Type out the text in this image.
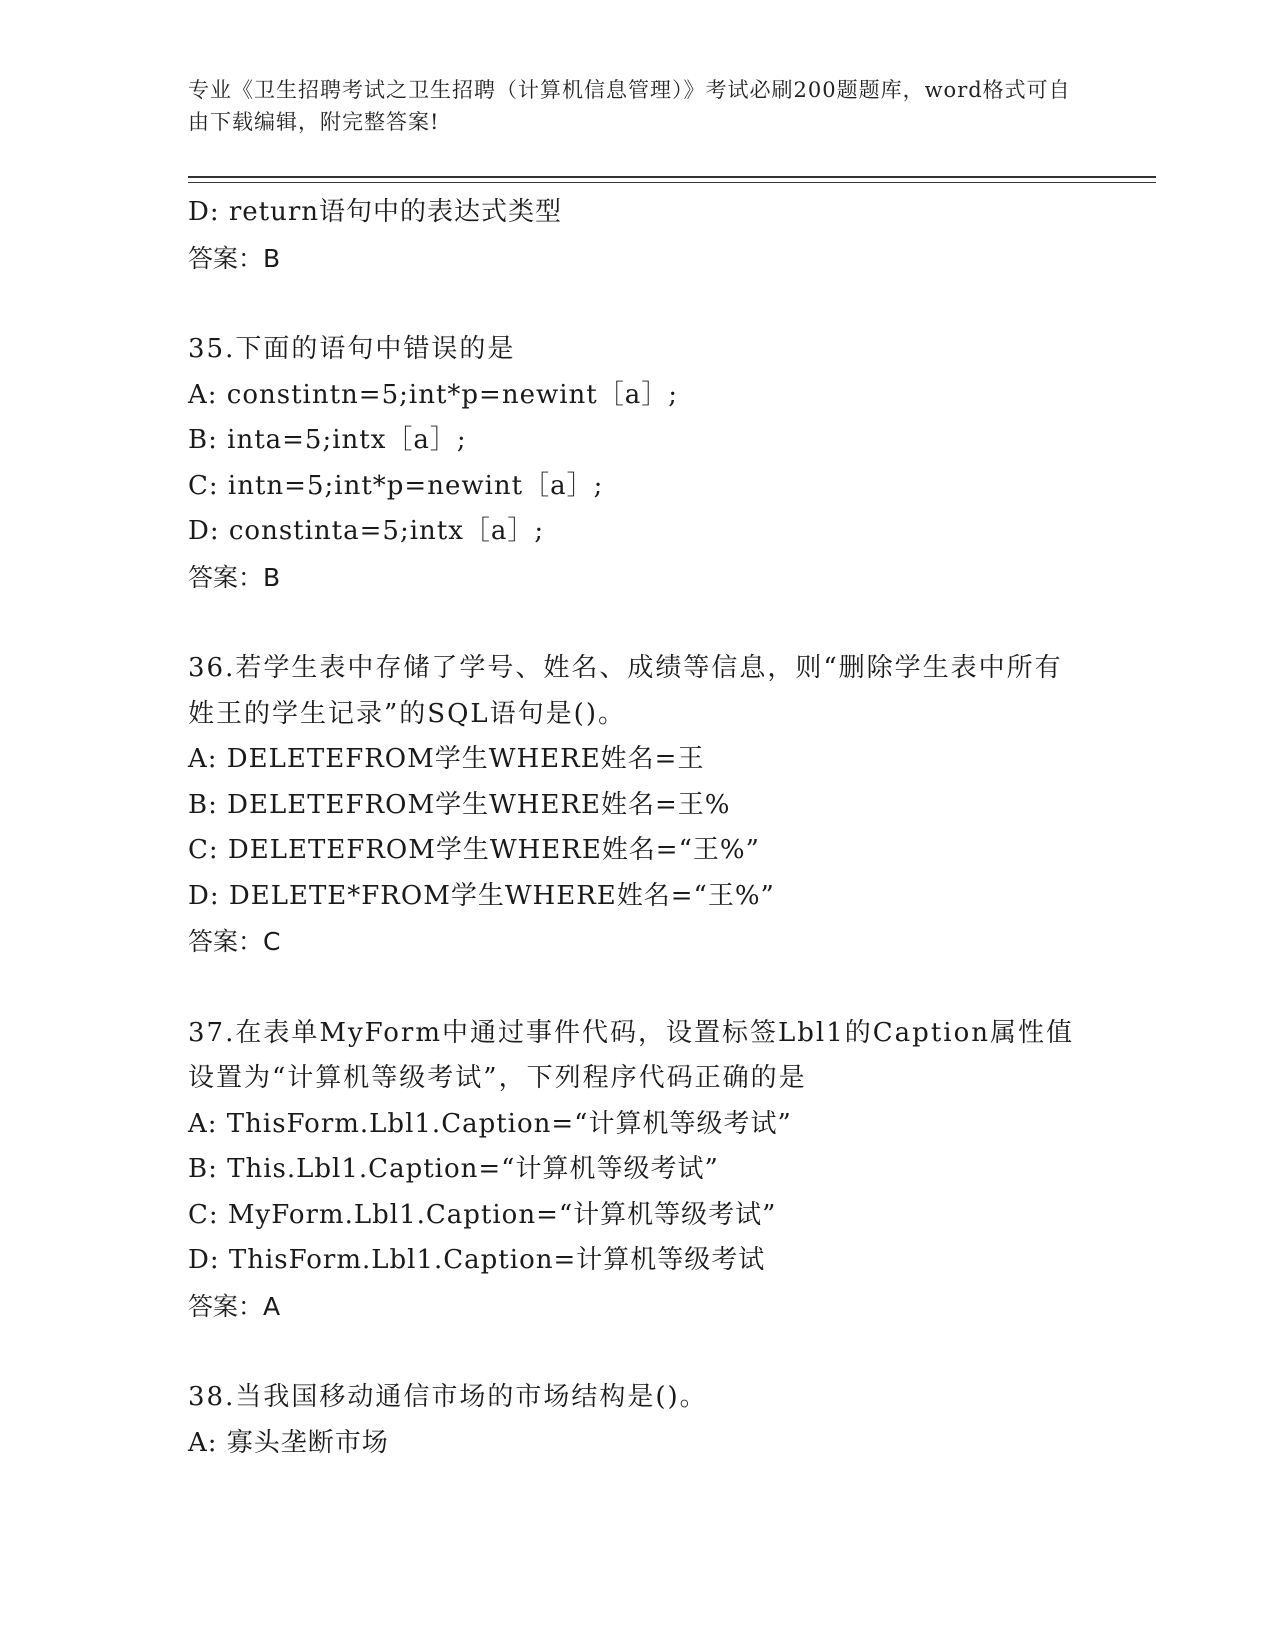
专业《卫生招聘考试之卫生招聘（计算机信息管理）》考试必刷200题题库，word格式可自由下载编辑，附完整答案!
D: return语句中的表达式类型
答案：B
35.下面的语句中错误的是
A: constintn=5;int*p=newint［a］;
B: inta=5;intx［a］;
C: intn=5;int*p=newint［a］;
D: constinta=5;intx［a］;
答案：B
36.若学生表中存储了学号、姓名、成绩等信息，则“删除学生表中所有姓王的学生记录”的SQL语句是()。
A: DELETEFROM学生WHERE姓名=王
B: DELETEFROM学生WHERE姓名=王%
C: DELETEFROM学生WHERE姓名=“王%”
D: DELETE*FROM学生WHERE姓名=“王%”
答案：C
37.在表单MyForm中通过事件代码，设置标签Lbl1的Caption属性值设置为“计算机等级考试”，下列程序代码正确的是
A: ThisForm.Lbl1.Caption=“计算机等级考试”
B: This.Lbl1.Caption=“计算机等级考试”
C: MyForm.Lbl1.Caption=“计算机等级考试”
D: ThisForm.Lbl1.Caption=计算机等级考试
答案：A
38.当我国移动通信市场的市场结构是()。
A: 寡头垄断市场
